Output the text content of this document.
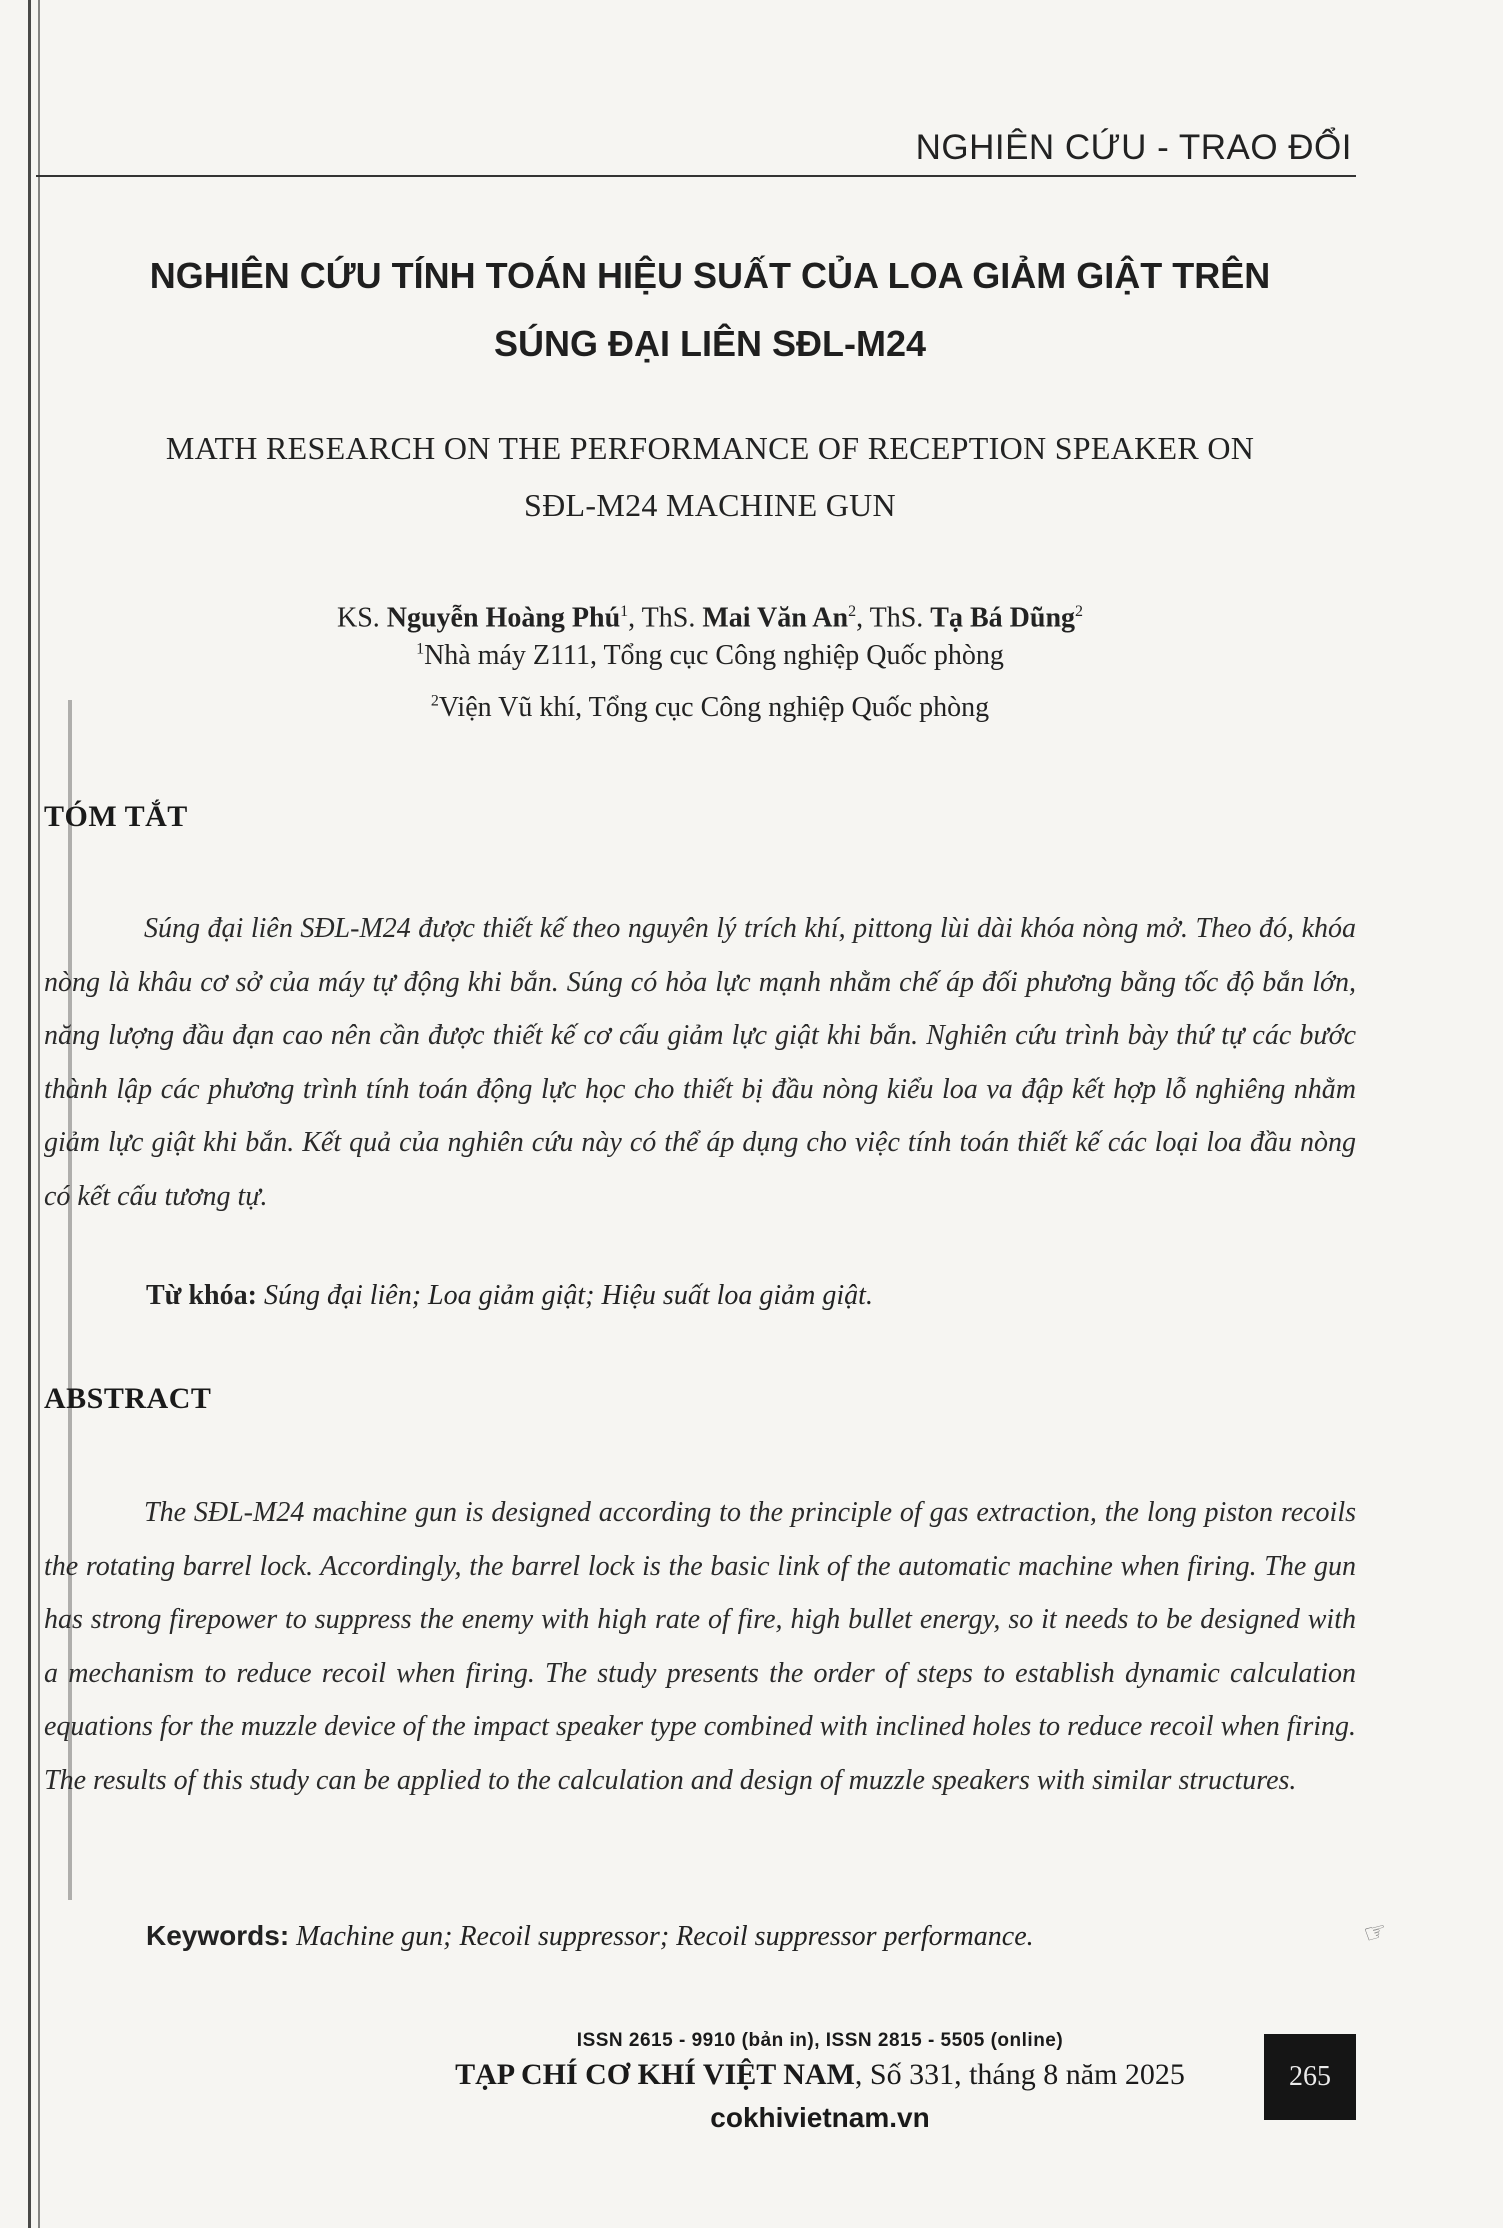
NGHIÊN CỨU - TRAO ĐỔI
NGHIÊN CỨU TÍNH TOÁN HIỆU SUẤT CỦA LOA GIẢM GIẬT TRÊN
SÚNG ĐẠI LIÊN SĐL-M24
MATH RESEARCH ON THE PERFORMANCE OF RECEPTION SPEAKER ON
SĐL-M24 MACHINE GUN
KS. Nguyễn Hoàng Phú$^1$, ThS. Mai Văn An$^2$, ThS. Tạ Bá Dũng$^2$
$^1$Nhà máy Z111, Tổng cục Công nghiệp Quốc phòng
$^2$Viện Vũ khí, Tổng cục Công nghiệp Quốc phòng
TÓM TẮT
Súng đại liên SĐL-M24 được thiết kế theo nguyên lý trích khí, pittong lùi dài khóa nòng mở. Theo đó, khóa nòng là khâu cơ sở của máy tự động khi bắn. Súng có hỏa lực mạnh nhằm chế áp đối phương bằng tốc độ bắn lớn, năng lượng đầu đạn cao nên cần được thiết kế cơ cấu giảm lực giật khi bắn. Nghiên cứu trình bày thứ tự các bước thành lập các phương trình tính toán động lực học cho thiết bị đầu nòng kiểu loa va đập kết hợp lỗ nghiêng nhằm giảm lực giật khi bắn. Kết quả của nghiên cứu này có thể áp dụng cho việc tính toán thiết kế các loại loa đầu nòng có kết cấu tương tự.
Từ khóa: Súng đại liên; Loa giảm giật; Hiệu suất loa giảm giật.
ABSTRACT
The SĐL-M24 machine gun is designed according to the principle of gas extraction, the long piston recoils the rotating barrel lock. Accordingly, the barrel lock is the basic link of the automatic machine when firing. The gun has strong firepower to suppress the enemy with high rate of fire, high bullet energy, so it needs to be designed with a mechanism to reduce recoil when firing. The study presents the order of steps to establish dynamic calculation equations for the muzzle device of the impact speaker type combined with inclined holes to reduce recoil when firing. The results of this study can be applied to the calculation and design of muzzle speakers with similar structures.
Keywords: Machine gun; Recoil suppressor; Recoil suppressor performance.	☞
ISSN 2615 - 9910 (bản in), ISSN 2815 - 5505 (online)
TẠP CHÍ CƠ KHÍ VIỆT NAM, Số 331, tháng 8 năm 2025
cokhivietnam.vn
265
